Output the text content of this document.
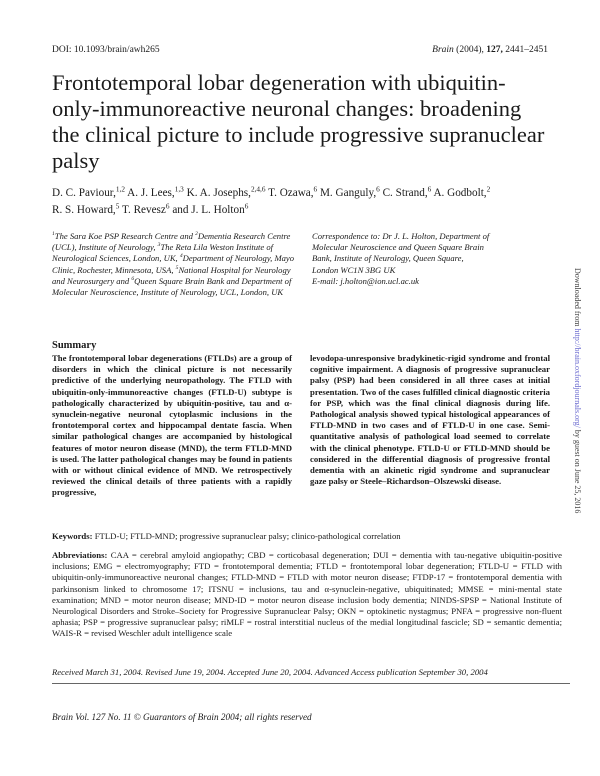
DOI: 10.1093/brain/awh265	Brain (2004), 127, 2441–2451
Frontotemporal lobar degeneration with ubiquitin-only-immunoreactive neuronal changes: broadening the clinical picture to include progressive supranuclear palsy
D. C. Paviour,$^{1,2}$ A. J. Lees,$^{1,3}$ K. A. Josephs,$^{2,4,6}$ T. Ozawa,$^6$ M. Ganguly,$^6$ C. Strand,$^6$ A. Godbolt,$^2$
R. S. Howard,$^5$ T. Revesz$^6$ and J. L. Holton$^6$
$^1$The Sara Koe PSP Research Centre and $^2$Dementia Research Centre (UCL), Institute of Neurology, $^3$The Reta Lila Weston Institute of Neurological Sciences, London, UK, $^4$Department of Neurology, Mayo Clinic, Rochester, Minnesota, USA, $^5$National Hospital for Neurology and Neurosurgery and $^6$Queen Square Brain Bank and Department of Molecular Neuroscience, Institute of Neurology, UCL, London, UK
Correspondence to: Dr J. L. Holton, Department of
Molecular Neuroscience and Queen Square Brain
Bank, Institute of Neurology, Queen Square,
London WC1N 3BG UK
E-mail: j.holton@ion.ucl.ac.uk
Summary
The frontotemporal lobar degenerations (FTLDs) are a group of disorders in which the clinical picture is not necessarily predictive of the underlying neuropathology. The FTLD with ubiquitin-only-immunoreactive changes (FTLD-U) subtype is pathologically characterized by ubiquitin-positive, tau and α-synuclein-negative neuronal cytoplasmic inclusions in the frontotemporal cortex and hippocampal dentate fascia. When similar pathological changes are accompanied by histological features of motor neuron disease (MND), the term FTLD-MND is used. The latter pathological changes may be found in patients with or without clinical evidence of MND. We retrospectively reviewed the clinical details of three patients with a rapidly progressive,
levodopa-unresponsive bradykinetic-rigid syndrome and frontal cognitive impairment. A diagnosis of progressive supranuclear palsy (PSP) had been considered in all three cases at initial presentation. Two of the cases fulfilled clinical diagnostic criteria for PSP, which was the final clinical diagnosis during life. Pathological analysis showed typical histological appearances of FTLD-MND in two cases and of FTLD-U in one case. Semi-quantitative analysis of pathological load seemed to correlate with the clinical phenotype. FTLD-U or FTLD-MND should be considered in the differential diagnosis of progressive frontal dementia with an akinetic rigid syndrome and supranuclear gaze palsy or Steele–Richardson–Olszewski disease.
Keywords: FTLD-U; FTLD-MND; progressive supranuclear palsy; clinico-pathological correlation
Abbreviations: CAA = cerebral amyloid angiopathy; CBD = corticobasal degeneration; DUI = dementia with tau-negative ubiquitin-positive inclusions; EMG = electromyography; FTD = frontotemporal dementia; FTLD = frontotemporal lobar degeneration; FTLD-U = FTLD with ubiquitin-only-immunoreactive neuronal changes; FTLD-MND = FTLD with motor neuron disease; FTDP-17 = frontotemporal dementia with parkinsonism linked to chromosome 17; ITSNU = inclusions, tau and α-synuclein-negative, ubiquitinated; MMSE = mini-mental state examination; MND = motor neuron disease; MND-ID = motor neuron disease inclusion body dementia; NINDS-SPSP = National Institute of Neurological Disorders and Stroke–Society for Progressive Supranuclear Palsy; OKN = optokinetic nystagmus; PNFA = progressive non-fluent aphasia; PSP = progressive supranuclear palsy; riMLF = rostral interstitial nucleus of the medial longitudinal fascicle; SD = semantic dementia; WAIS-R = revised Weschler adult intelligence scale
Received March 31, 2004. Revised June 19, 2004. Accepted June 20, 2004. Advanced Access publication September 30, 2004
Brain Vol. 127 No. 11 © Guarantors of Brain 2004; all rights reserved
Downloaded from http://brain.oxfordjournals.org/ by guest on June 25, 2016
